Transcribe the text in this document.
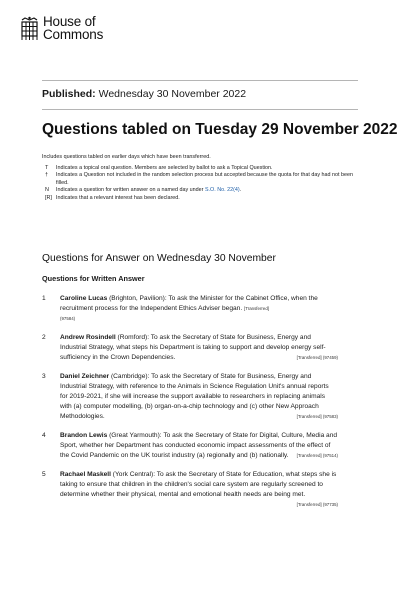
House of
Commons
Published: Wednesday 30 November 2022
Questions tabled on Tuesday 29 November 2022
Includes questions tabled on earlier days which have been transferred.
T	Indicates a topical oral question. Members are selected by ballot to ask a Topical Question.
†	Indicates a Question not included in the random selection process but accepted because the quota for that day had not been filled.
N	Indicates a question for written answer on a named day under S.O. No. 22(4).
[R] Indicates that a relevant interest has been declared.
Questions for Answer on Wednesday 30 November
Questions for Written Answer
1	Caroline Lucas (Brighton, Pavilion): To ask the Minister for the Cabinet Office, when the recruitment process for the Independent Ethics Adviser began. [Transferred]
(97584)
2	Andrew Rosindell (Romford): To ask the Secretary of State for Business, Energy and Industrial Strategy, what steps his Department is taking to support and develop energy self-sufficiency in the Crown Dependencies.	[Transferred] (97459)
3	Daniel Zeichner (Cambridge): To ask the Secretary of State for Business, Energy and Industrial Strategy, with reference to the Animals in Science Regulation Unit's annual reports for 2019-2021, if she will increase the support available to researchers in replacing animals with (a) computer modelling, (b) organ-on-a-chip technology and (c) other New Approach Methodologies.	[Transferred] (97583)
4	Brandon Lewis (Great Yarmouth): To ask the Secretary of State for Digital, Culture, Media and Sport, whether her Department has conducted economic impact assessments of the effect of the Covid Pandemic on the UK tourist industry (a) regionally and (b) nationally. [Transferred] (97514)
5	Rachael Maskell (York Central): To ask the Secretary of State for Education, what steps she is taking to ensure that children in the children's social care system are regularly screened to determine whether their physical, mental and emotional health needs are being met.
[Transferred] (97735)
